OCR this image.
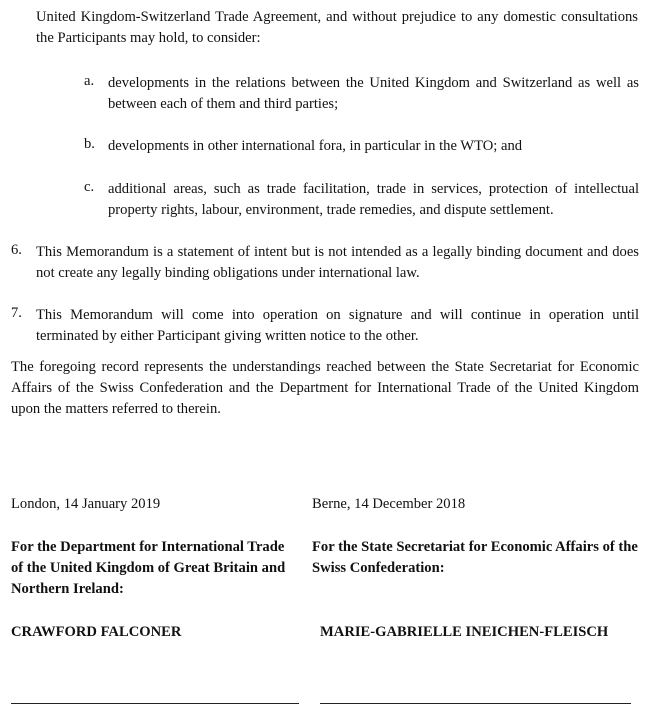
United Kingdom-Switzerland Trade Agreement, and without prejudice to any domestic consultations the Participants may hold, to consider:
a. developments in the relations between the United Kingdom and Switzerland as well as between each of them and third parties;
b. developments in other international fora, in particular in the WTO; and
c. additional areas, such as trade facilitation, trade in services, protection of intellectual property rights, labour, environment, trade remedies, and dispute settlement.
6. This Memorandum is a statement of intent but is not intended as a legally binding document and does not create any legally binding obligations under international law.
7. This Memorandum will come into operation on signature and will continue in operation until terminated by either Participant giving written notice to the other.
The foregoing record represents the understandings reached between the State Secretariat for Economic Affairs of the Swiss Confederation and the Department for International Trade of the United Kingdom upon the matters referred to therein.
London, 14 January 2019
For the Department for International Trade of the United Kingdom of Great Britain and Northern Ireland:
Berne, 14 December 2018
For the State Secretariat for Economic Affairs of the Swiss Confederation:
CRAWFORD FALCONER	MARIE-GABRIELLE INEICHEN-FLEISCH
